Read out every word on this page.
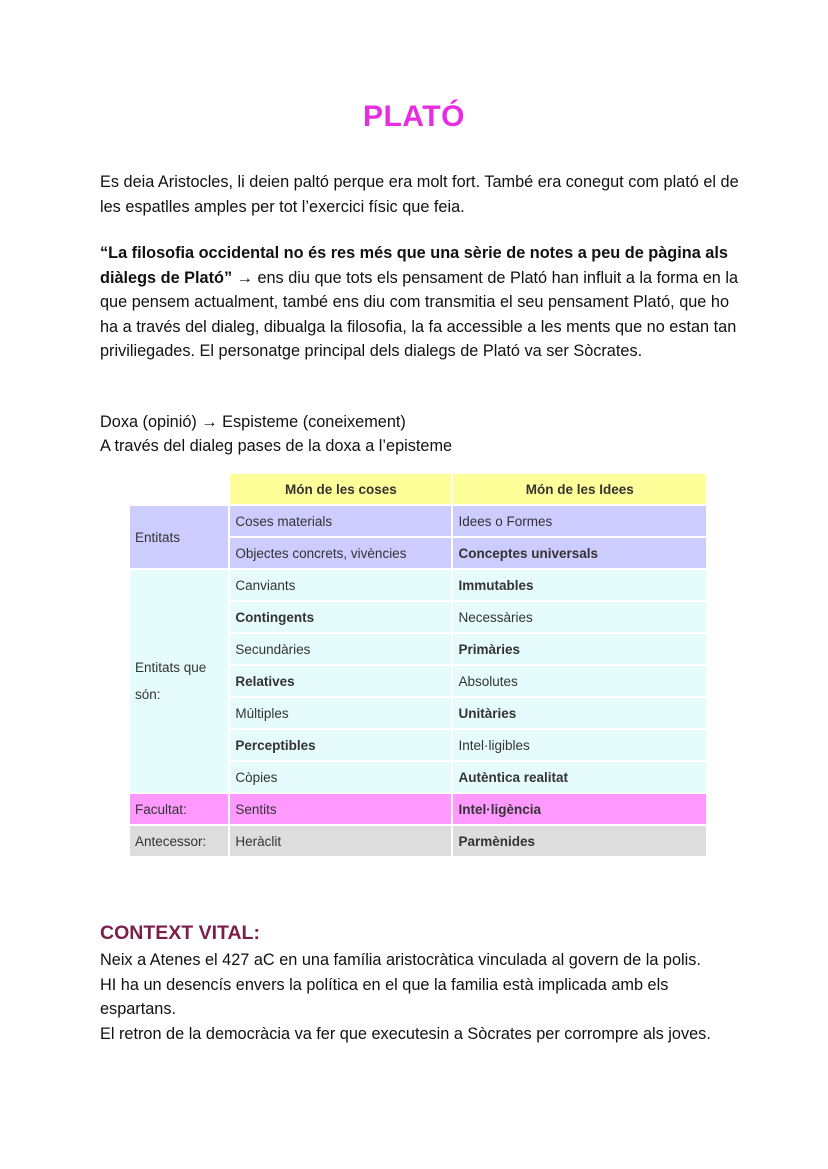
PLATÓ

Es deia Aristocles, li deien paltó perque era molt fort. També era conegut com plató el de les espatlles amples per tot l’exercici físic que feia.

“La filosofia occidental no és res més que una sèrie de notes a peu de pàgina als diàlegs de Plató” → ens diu que tots els pensament de Plató han influit a la forma en la que pensem actualment, també ens diu com transmitia el seu pensament Plató, que ho ha a través del dialeg, dibualga la filosofia, la fa accessible a les ments que no estan tan priviliegades. El personatge principal dels dialegs de Plató va ser Sòcrates.

Doxa (opinió) → Espisteme (coneixement)

A través del dialeg pases de la doxa a l’episteme

	Món de les coses	Món de les Idees
Entitats	Coses materials	Idees o Formes
	Objectes concrets, vivències	Conceptes universals
Entitats que són:	Canviants	Immutables
	Contingents	Necessàries
	Secundàries	Primàries
	Relatives	Absolutes
	Múltiples	Unitàries
	Perceptibles	Intel·ligibles
	Còpies	Autèntica realitat
Facultat:	Sentits	Intel·ligència
Antecessor:	Heràclit	Parmènides
CONTEXT VITAL:

Neix a Atenes el 427 aC en una família aristocràtica vinculada al govern de la polis.
HI ha un desencís envers la política en el que la familia està implicada amb els espartans.
El retron de la democràcia va fer que executesin a Sòcrates per corrompre als joves.
